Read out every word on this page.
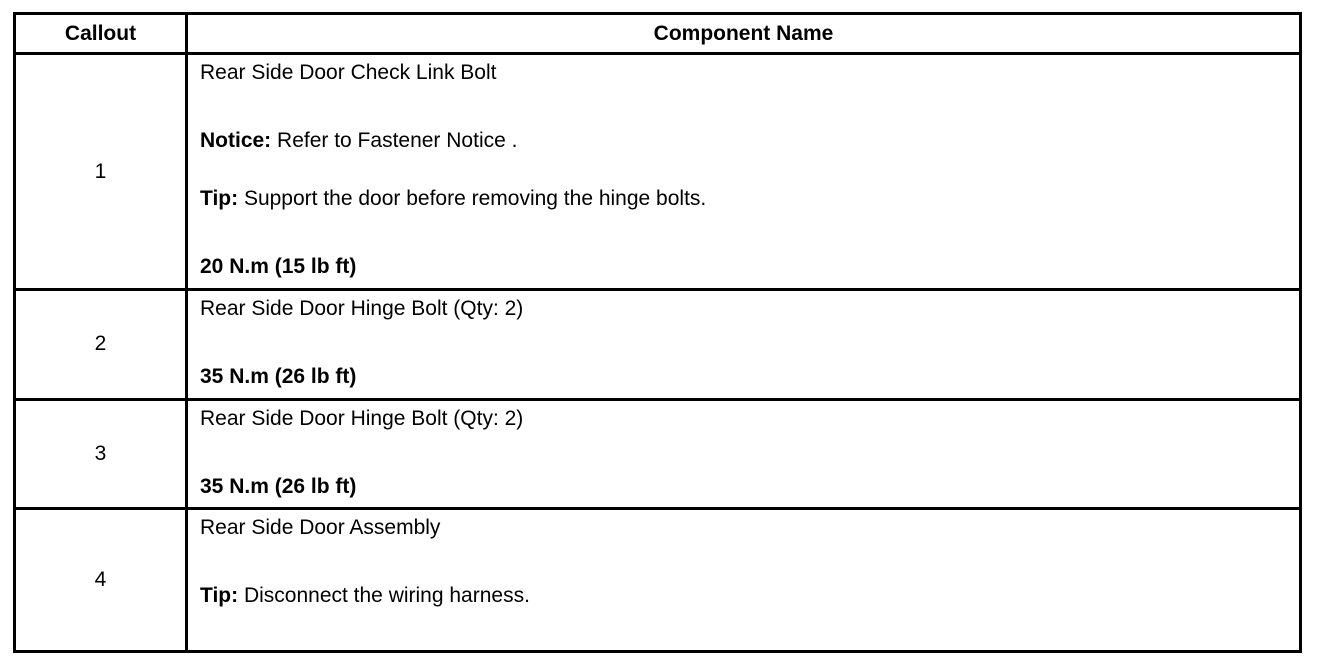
Callout	Component Name
1	Rear Side Door Check Link Bolt
Notice: Refer to Fastener Notice .
Tip: Support the door before removing the hinge bolts.
20 N.m (15 lb ft)

2	Rear Side Door Hinge Bolt (Qty: 2)
35 N.m (26 lb ft)

3	Rear Side Door Hinge Bolt (Qty: 2)
35 N.m (26 lb ft)

4	Rear Side Door Assembly
Tip: Disconnect the wiring harness.
